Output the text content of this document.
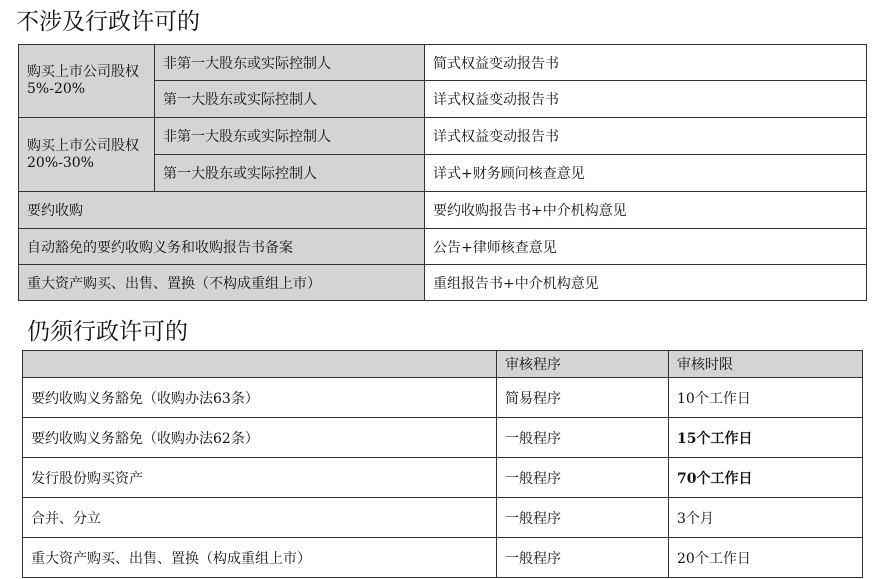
不涉及行政许可的
购买上市公司股权5%-20%	非第一大股东或实际控制人	简式权益变动报告书
	第一大股东或实际控制人	详式权益变动报告书
购买上市公司股权20%-30%	非第一大股东或实际控制人	详式权益变动报告书
	第一大股东或实际控制人	详式+财务顾问核查意见
要约收购		要约收购报告书+中介机构意见
自动豁免的要约收购义务和收购报告书备案		公告+律师核查意见
重大资产购买、出售、置换（不构成重组上市）		重组报告书+中介机构意见
仍须行政许可的
	审核程序	审核时限
要约收购义务豁免（收购办法63条）	简易程序	10个工作日
要约收购义务豁免（收购办法62条）	一般程序	15个工作日
发行股份购买资产	一般程序	70个工作日
合并、分立	一般程序	3个月
重大资产购买、出售、置换（构成重组上市）	一般程序	20个工作日
